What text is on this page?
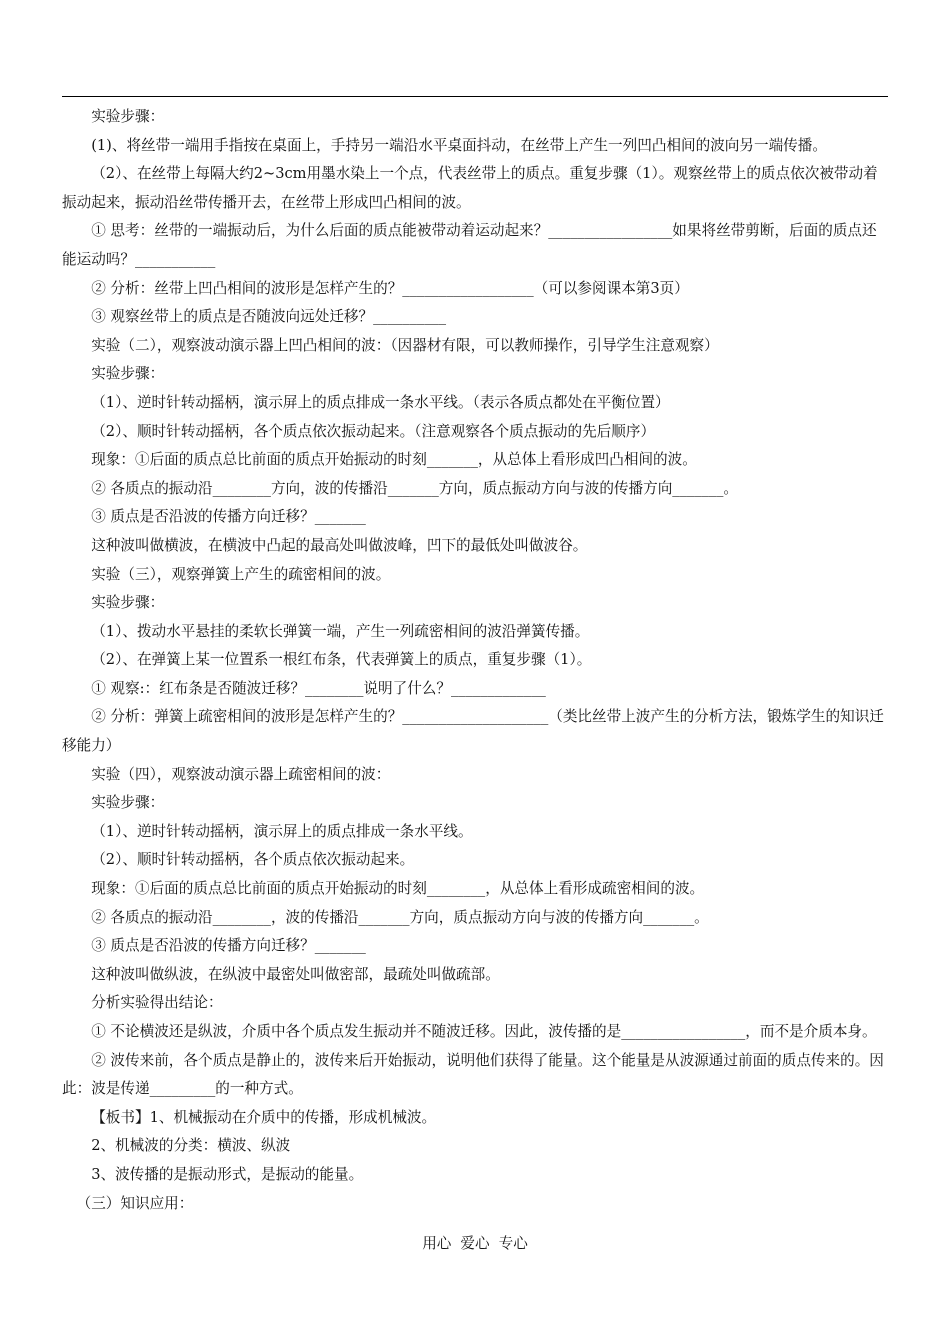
实验步骤：

(1)、将丝带一端用手指按在桌面上，手持另一端沿水平桌面抖动，在丝带上产生一列凹凸相间的波向另一端传播。

（2）、在丝带上每隔大约2~3cm用墨水染上一个点，代表丝带上的质点。重复步骤（1）。观察丝带上的质点依次被带动着振动起来，振动沿丝带传播开去，在丝带上形成凹凸相间的波。

① 思考：丝带的一端振动后，为什么后面的质点能被带动着运动起来？_________________如果将丝带剪断，后面的质点还能运动吗？___________

② 分析：丝带上凹凸相间的波形是怎样产生的？__________________（可以参阅课本第3页）

③ 观察丝带上的质点是否随波向远处迁移？__________

实验（二），观察波动演示器上凹凸相间的波：（因器材有限，可以教师操作，引导学生注意观察）

实验步骤：

（1）、逆时针转动摇柄，演示屏上的质点排成一条水平线。（表示各质点都处在平衡位置）

（2）、顺时针转动摇柄，各个质点依次振动起来。（注意观察各个质点振动的先后顺序）

现象：①后面的质点总比前面的质点开始振动的时刻_______，从总体上看形成凹凸相间的波。

② 各质点的振动沿________方向，波的传播沿_______方向，质点振动方向与波的传播方向_______。

③ 质点是否沿波的传播方向迁移？_______

这种波叫做横波，在横波中凸起的最高处叫做波峰，凹下的最低处叫做波谷。

实验（三），观察弹簧上产生的疏密相间的波。

实验步骤：

（1）、拨动水平悬挂的柔软长弹簧一端，产生一列疏密相间的波沿弹簧传播。

（2）、在弹簧上某一位置系一根红布条，代表弹簧上的质点，重复步骤（1）。

① 观察:：红布条是否随波迁移？________说明了什么？_____________

② 分析：弹簧上疏密相间的波形是怎样产生的？____________________（类比丝带上波产生的分析方法，锻炼学生的知识迁移能力）

实验（四），观察波动演示器上疏密相间的波：

实验步骤：

（1）、逆时针转动摇柄，演示屏上的质点排成一条水平线。

（2）、顺时针转动摇柄，各个质点依次振动起来。

现象：①后面的质点总比前面的质点开始振动的时刻________，从总体上看形成疏密相间的波。

② 各质点的振动沿________，波的传播沿_______方向，质点振动方向与波的传播方向_______。

③ 质点是否沿波的传播方向迁移？_______

这种波叫做纵波，在纵波中最密处叫做密部，最疏处叫做疏部。

分析实验得出结论：

① 不论横波还是纵波，介质中各个质点发生振动并不随波迁移。因此，波传播的是_________________，而不是介质本身。

② 波传来前，各个质点是静止的，波传来后开始振动，说明他们获得了能量。这个能量是从波源通过前面的质点传来的。因此：波是传递_________的一种方式。

【板书】1、机械振动在介质中的传播，形成机械波。

2、机械波的分类：横波、纵波

3、波传播的是振动形式，是振动的能量。

（三）知识应用：

用心 爱心 专心
